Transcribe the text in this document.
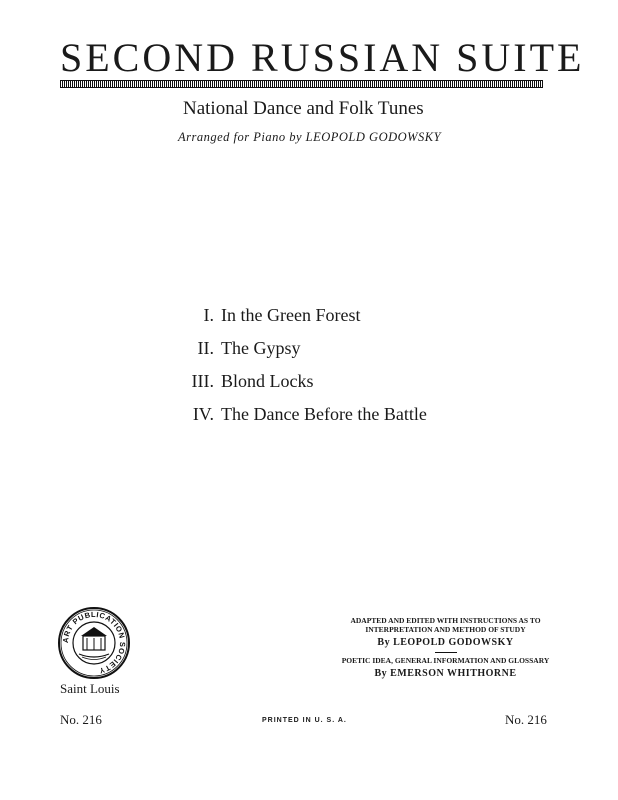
SECOND RUSSIAN SUITE
National Dance and Folk Tunes
Arranged for Piano by LEOPOLD GODOWSKY
I. In the Green Forest
II. The Gypsy
III. Blond Locks
IV. The Dance Before the Battle
ART PUBLICATION SOCIETY
Saint Louis
ADAPTED AND EDITED WITH INSTRUCTIONS AS TO
INTERPRETATION AND METHOD OF STUDY
By LEOPOLD GODOWSKY
POETIC IDEA, GENERAL INFORMATION AND GLOSSARY
By EMERSON WHITHORNE
No. 216	PRINTED IN U. S. A.	No. 216
